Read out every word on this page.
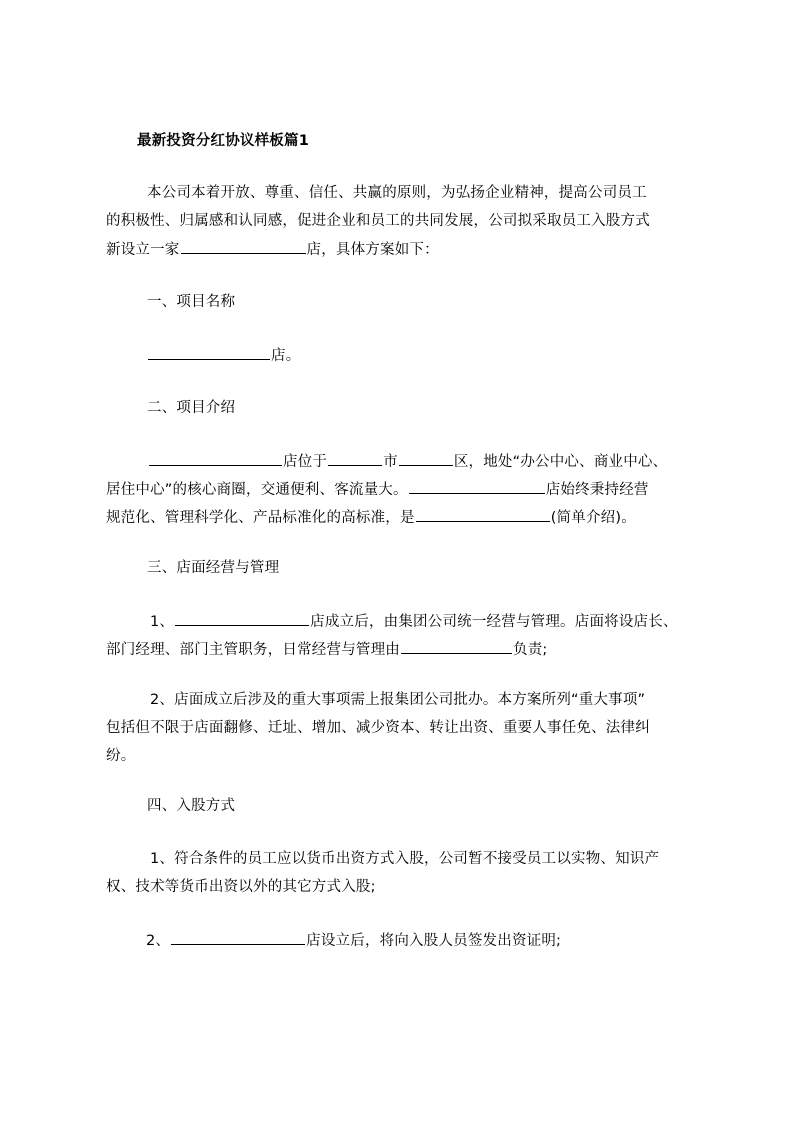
最新投资分红协议样板篇1
本公司本着开放、尊重、信任、共赢的原则，为弘扬企业精神，提高公司员工
的积极性、归属感和认同感，促进企业和员工的共同发展，公司拟采取员工入股方式
新设立一家	店，具体方案如下：
一、项目名称
店。
二、项目介绍
店位于	市	区，地处“办公中心、商业中心、
居住中心”的核心商圈，交通便利、客流量大。	店始终秉持经营
规范化、管理科学化、产品标准化的高标准，是	(简单介绍)。
三、店面经营与管理
1、	店成立后，由集团公司统一经营与管理。店面将设店长、
部门经理、部门主管职务，日常经营与管理由	负责;
2、店面成立后涉及的重大事项需上报集团公司批办。本方案所列“重大事项”
包括但不限于店面翻修、迁址、增加、减少资本、转让出资、重要人事任免、法律纠
纷。
四、入股方式
1、符合条件的员工应以货币出资方式入股，公司暂不接受员工以实物、知识产
权、技术等货币出资以外的其它方式入股;
2、	店设立后，将向入股人员签发出资证明;
